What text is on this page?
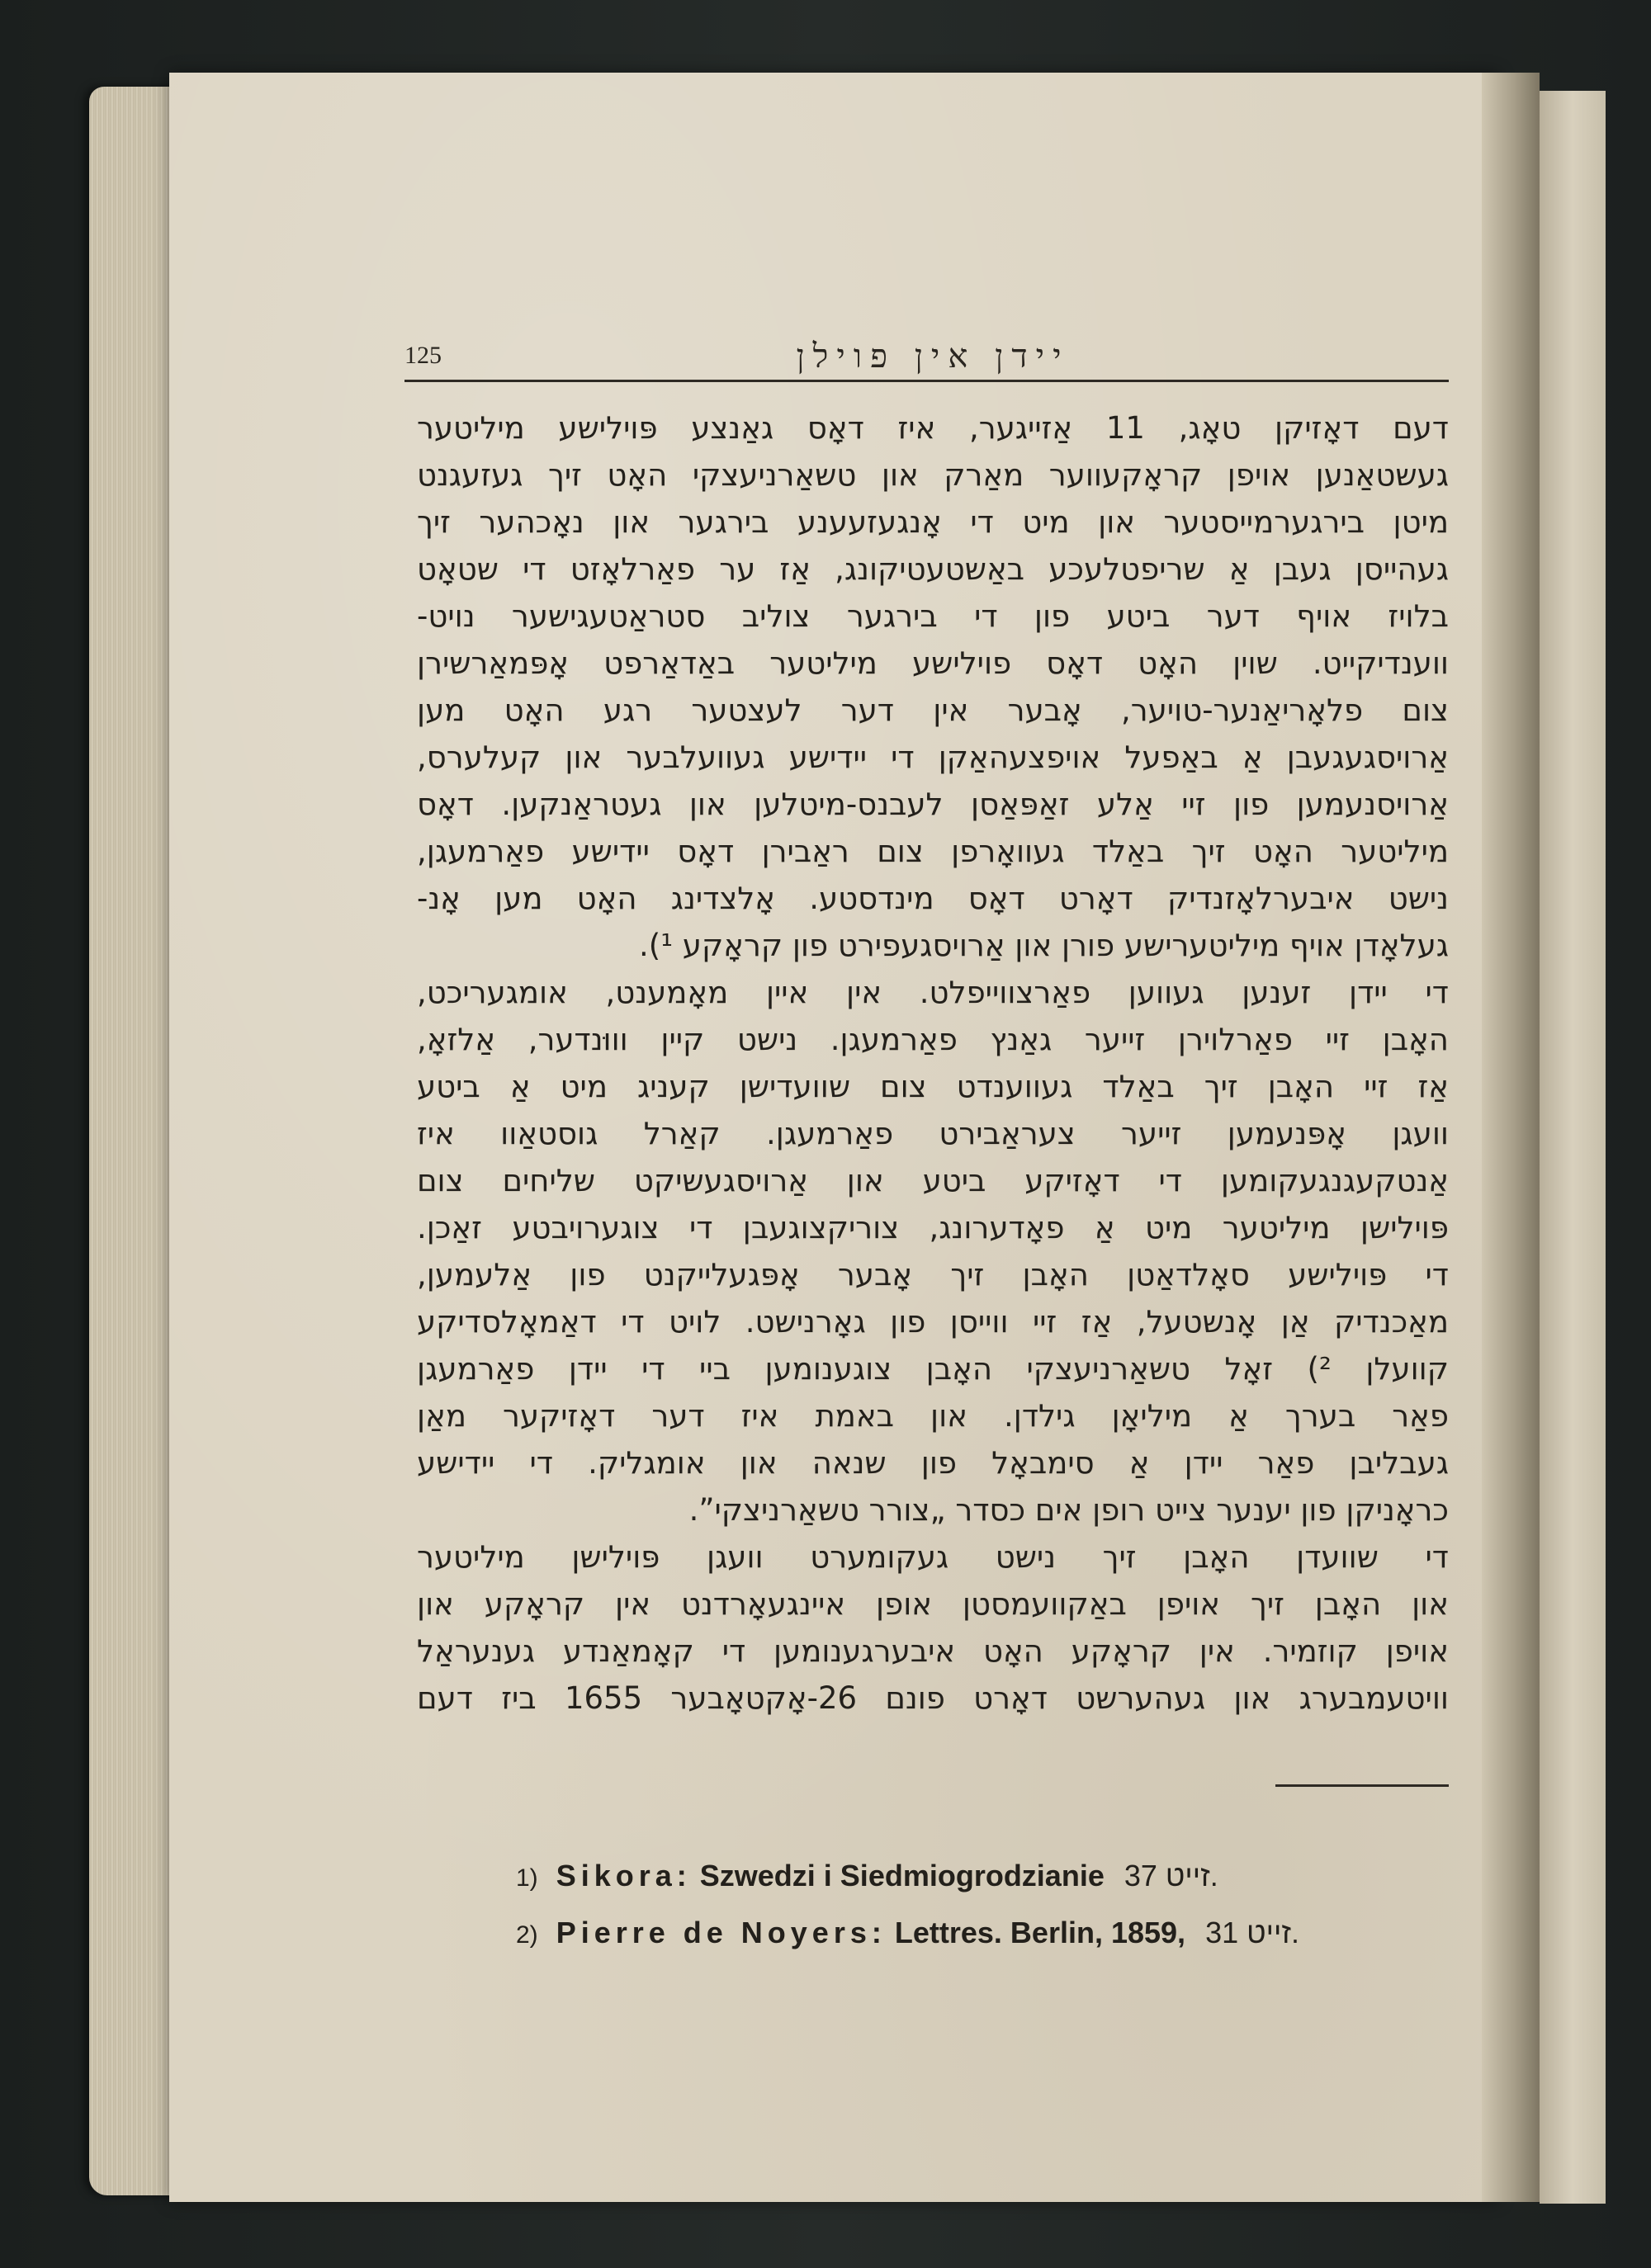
125	יידן אין פוילן

דעם דאָזיקן טאָג, 11 אַזייגער, איז דאָס גאַנצע פּוילישע מיליטער

געשטאַנען אויפן קראָקעווער מאַרק און טשאַרניעצקי האָט זיך געזעגנט

מיטן בירגערמייסטער און מיט די אָנגעזעענע בירגער און נאָכהער זיך

געהייסן געבן אַ שריפטלעכע באַשטעטיקונג, אַז ער פאַרלאָזט די שטאָט

בלויז אויף דער ביטע פון די בירגער צוליב סטראַטעגישער נויט-

ווענדיקייט. שוין האָט דאָס פוילישע מיליטער באַדאַרפט אָפּמאַרשירן

צום פלאָריאַנער-טויער, אָבער אין דער לעצטער רגע האָט מען

אַרויסגעגעבן אַ באַפעל אויפצעהאַקן די יידישע געוועלבער און קעלערס,

אַרויסנעמען פון זיי אַלע זאַפּאַסן לעבנס-מיטלען און געטראַנקען. דאָס

מיליטער האָט זיך באַלד געוואָרפן צום ראַבירן דאָס יידישע פאַרמעגן,

נישט איבערלאָזנדיק דאָרט דאָס מינדסטע. אָלצדינג האָט מען אָנ-

געלאָדן אויף מיליטערישע פורן און אַרויסגעפירט פון קראָקע ¹).

די יידן זענען געווען פאַרצווייפלט. אין איין מאָמענט, אומגעריכט,

האָבן זיי פאַרלוירן זייער גאַנץ פאַרמעגן. נישט קיין וווּנדער, אַלזאָ,

אַז זיי האָבן זיך באַלד געווענדט צום שוועדישן קעניג מיט אַ ביטע

וועגן אָפּנעמען זייער צעראַבירט פאַרמעגן. קאַרל גוסטאַוו איז

אַנטקעגנגעקומען די דאָזיקע ביטע און אַרויסגעשיקט שליחים צום

פּוילישן מיליטער מיט אַ פאָדערונג, צוריקצוגעבן די צוגערויבטע זאַכן.

די פּוילישע סאָלדאַטן האָבן זיך אָבער אָפּגעלייקנט פון אַלעמען,

מאַכנדיק אַן אָנשטעל, אַז זיי ווייסן פון גאָרנישט. לויט די דאַמאָלסדיקע

קוועלן ²) זאָל טשאַרניעצקי האָבן צוגענומען ביי די יידן פאַרמעגן

פאַר בערך אַ מיליאָן גילדן. און באמת איז דער דאָזיקער מאַן

געבליבן פאַר יידן אַ סימבאָל פון שנאה און אומגליק. די יידישע

כראָניקן פון יענער צייט רופן אים כסדר „צורר טשאַרניצקי”.

די שוועדן האָבן זיך נישט געקומערט וועגן פּוילישן מיליטער

און האָבן זיך אויפן באַקוועמסטן אופן איינגעאָרדנט אין קראָקע און

אויפן קוזמיר. אין קראָקע האָט איבערגענומען די קאָמאַנדע גענעראַל

וויטעמבערג און געהערשט דאָרט פונם 26-אָקטאָבער 1655 ביז דעם

1) Sikora: Szwedzi i Siedmiogrodzianie זייט 37.
2) Pierre de Noyers: Lettres. Berlin, 1859, זייט 31.
